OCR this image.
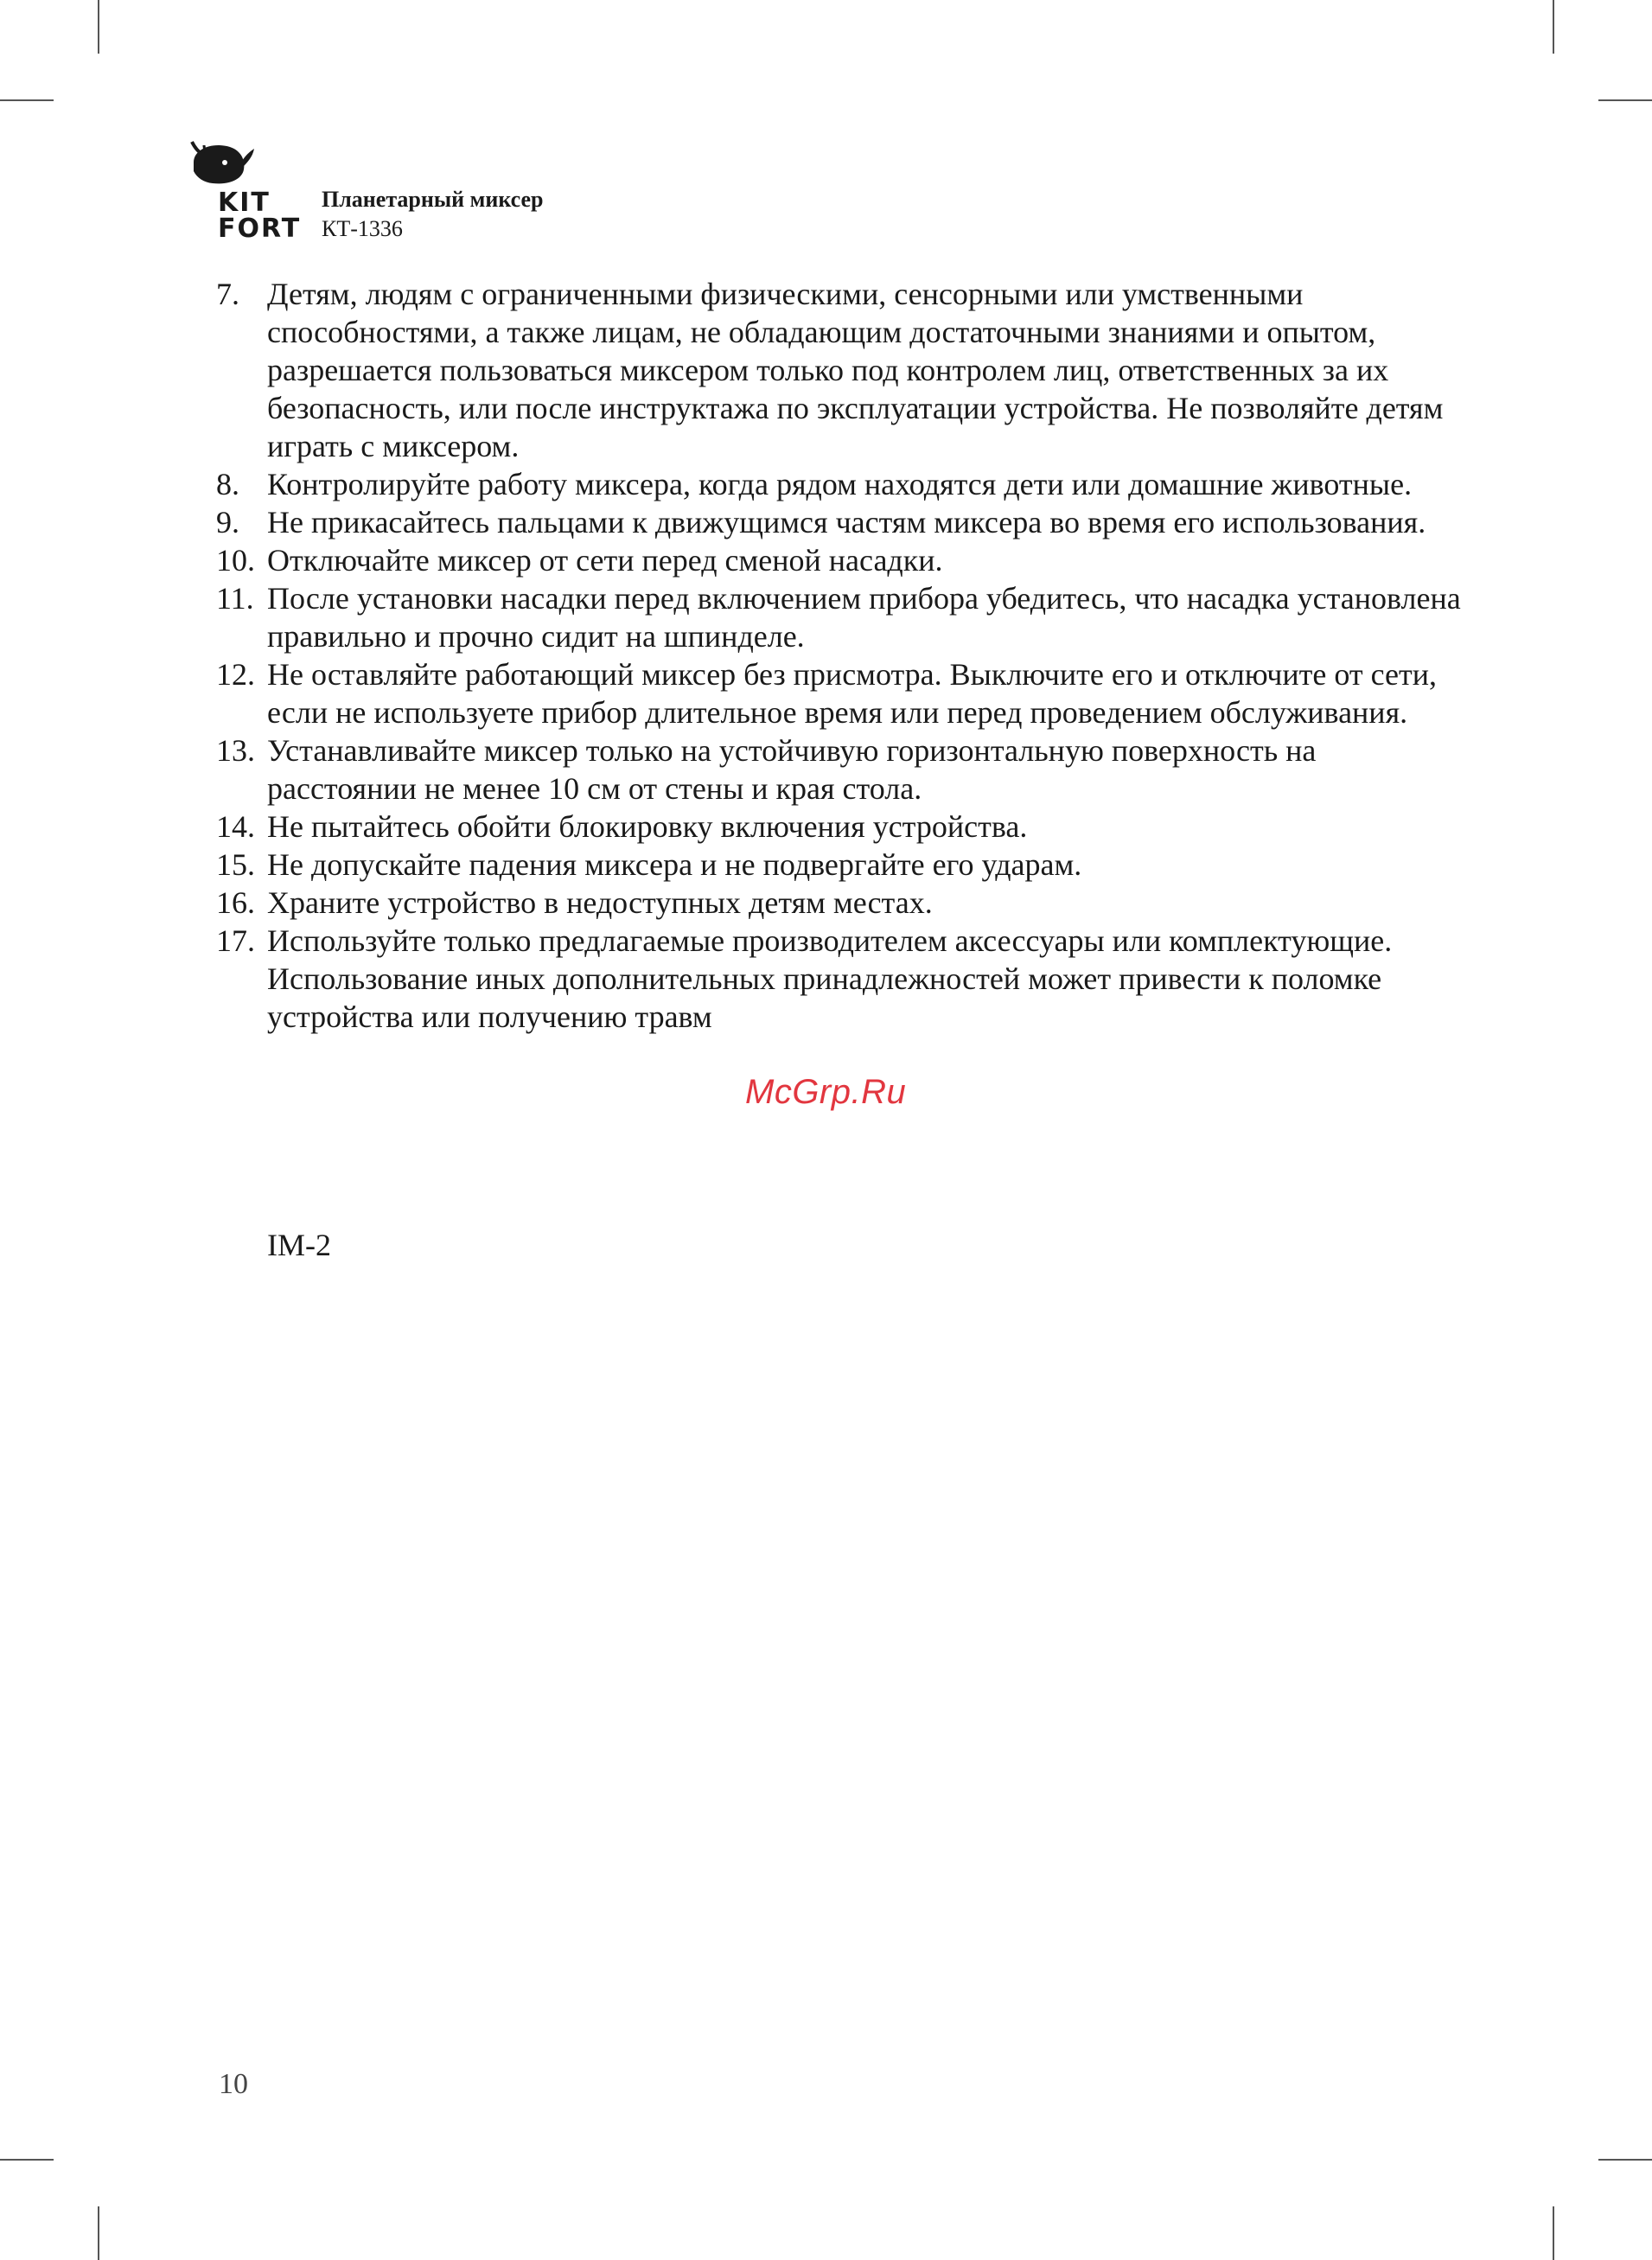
KIT
FORT
Планетарный миксер
КТ-1336
7. Детям, людям с ограниченными физическими, сенсорными или умственными способностями, а также лицам, не обладающим достаточными знаниями и опытом, разрешается пользоваться миксером только под контролем лиц, ответственных за их безопасность, или после инструктажа по эксплуатации устройства. Не позволяйте детям играть с миксером.
8. Контролируйте работу миксера, когда рядом находятся дети или домашние животные.
9. Не прикасайтесь пальцами к движущимся частям миксера во время его использования.
10. Отключайте миксер от сети перед сменой насадки.
11. После установки насадки перед включением прибора убедитесь, что насадка установлена правильно и прочно сидит на шпинделе.
12. Не оставляйте работающий миксер без присмотра. Выключите его и отключите от сети, если не используете прибор длительное время или перед проведением обслуживания.
13. Устанавливайте миксер только на устойчивую горизонтальную поверхность на расстоянии не менее 10 см от стены и края стола.
14. Не пытайтесь обойти блокировку включения устройства.
15. Не допускайте падения миксера и не подвергайте его ударам.
16. Храните устройство в недоступных детям местах.
17. Используйте только предлагаемые производителем аксессуары или комплектующие. Использование иных дополнительных принадлежностей может привести к поломке устройства или получению травм
McGrp.Ru
IM-2
10
